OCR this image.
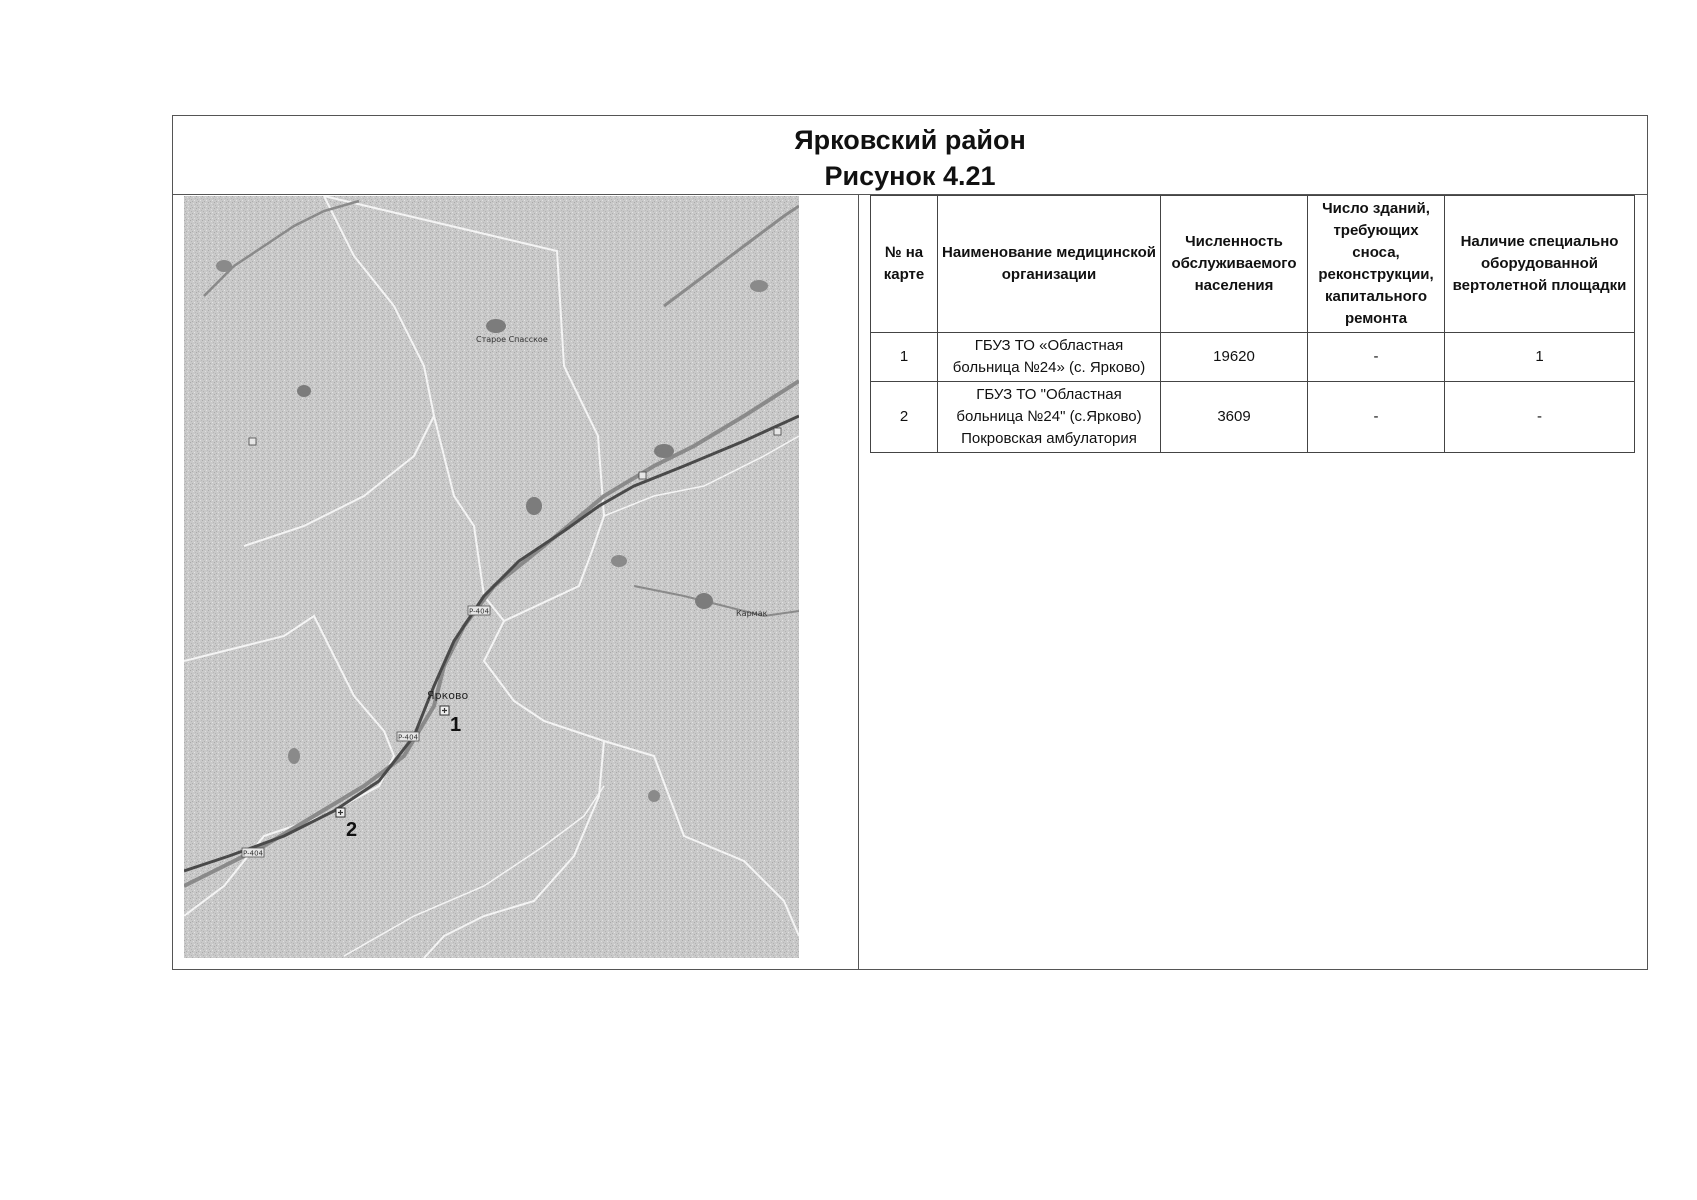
Ярковский район
Рисунок 4.21
Р-404
Р-404
Р-404
Старое Спасское
Кармак
Ярково
1
2
№ на карте	Наименование медицинской организации	Численность обслуживаемого населения	Число зданий, требующих сноса, реконструкции, капитального ремонта	Наличие специально оборудованной вертолетной площадки
1	ГБУЗ ТО «Областная больница №24» (с. Ярково)	19620	-	1
2	ГБУЗ ТО "Областная больница №24" (с.Ярково) Покровская амбулатория	3609	-	-
